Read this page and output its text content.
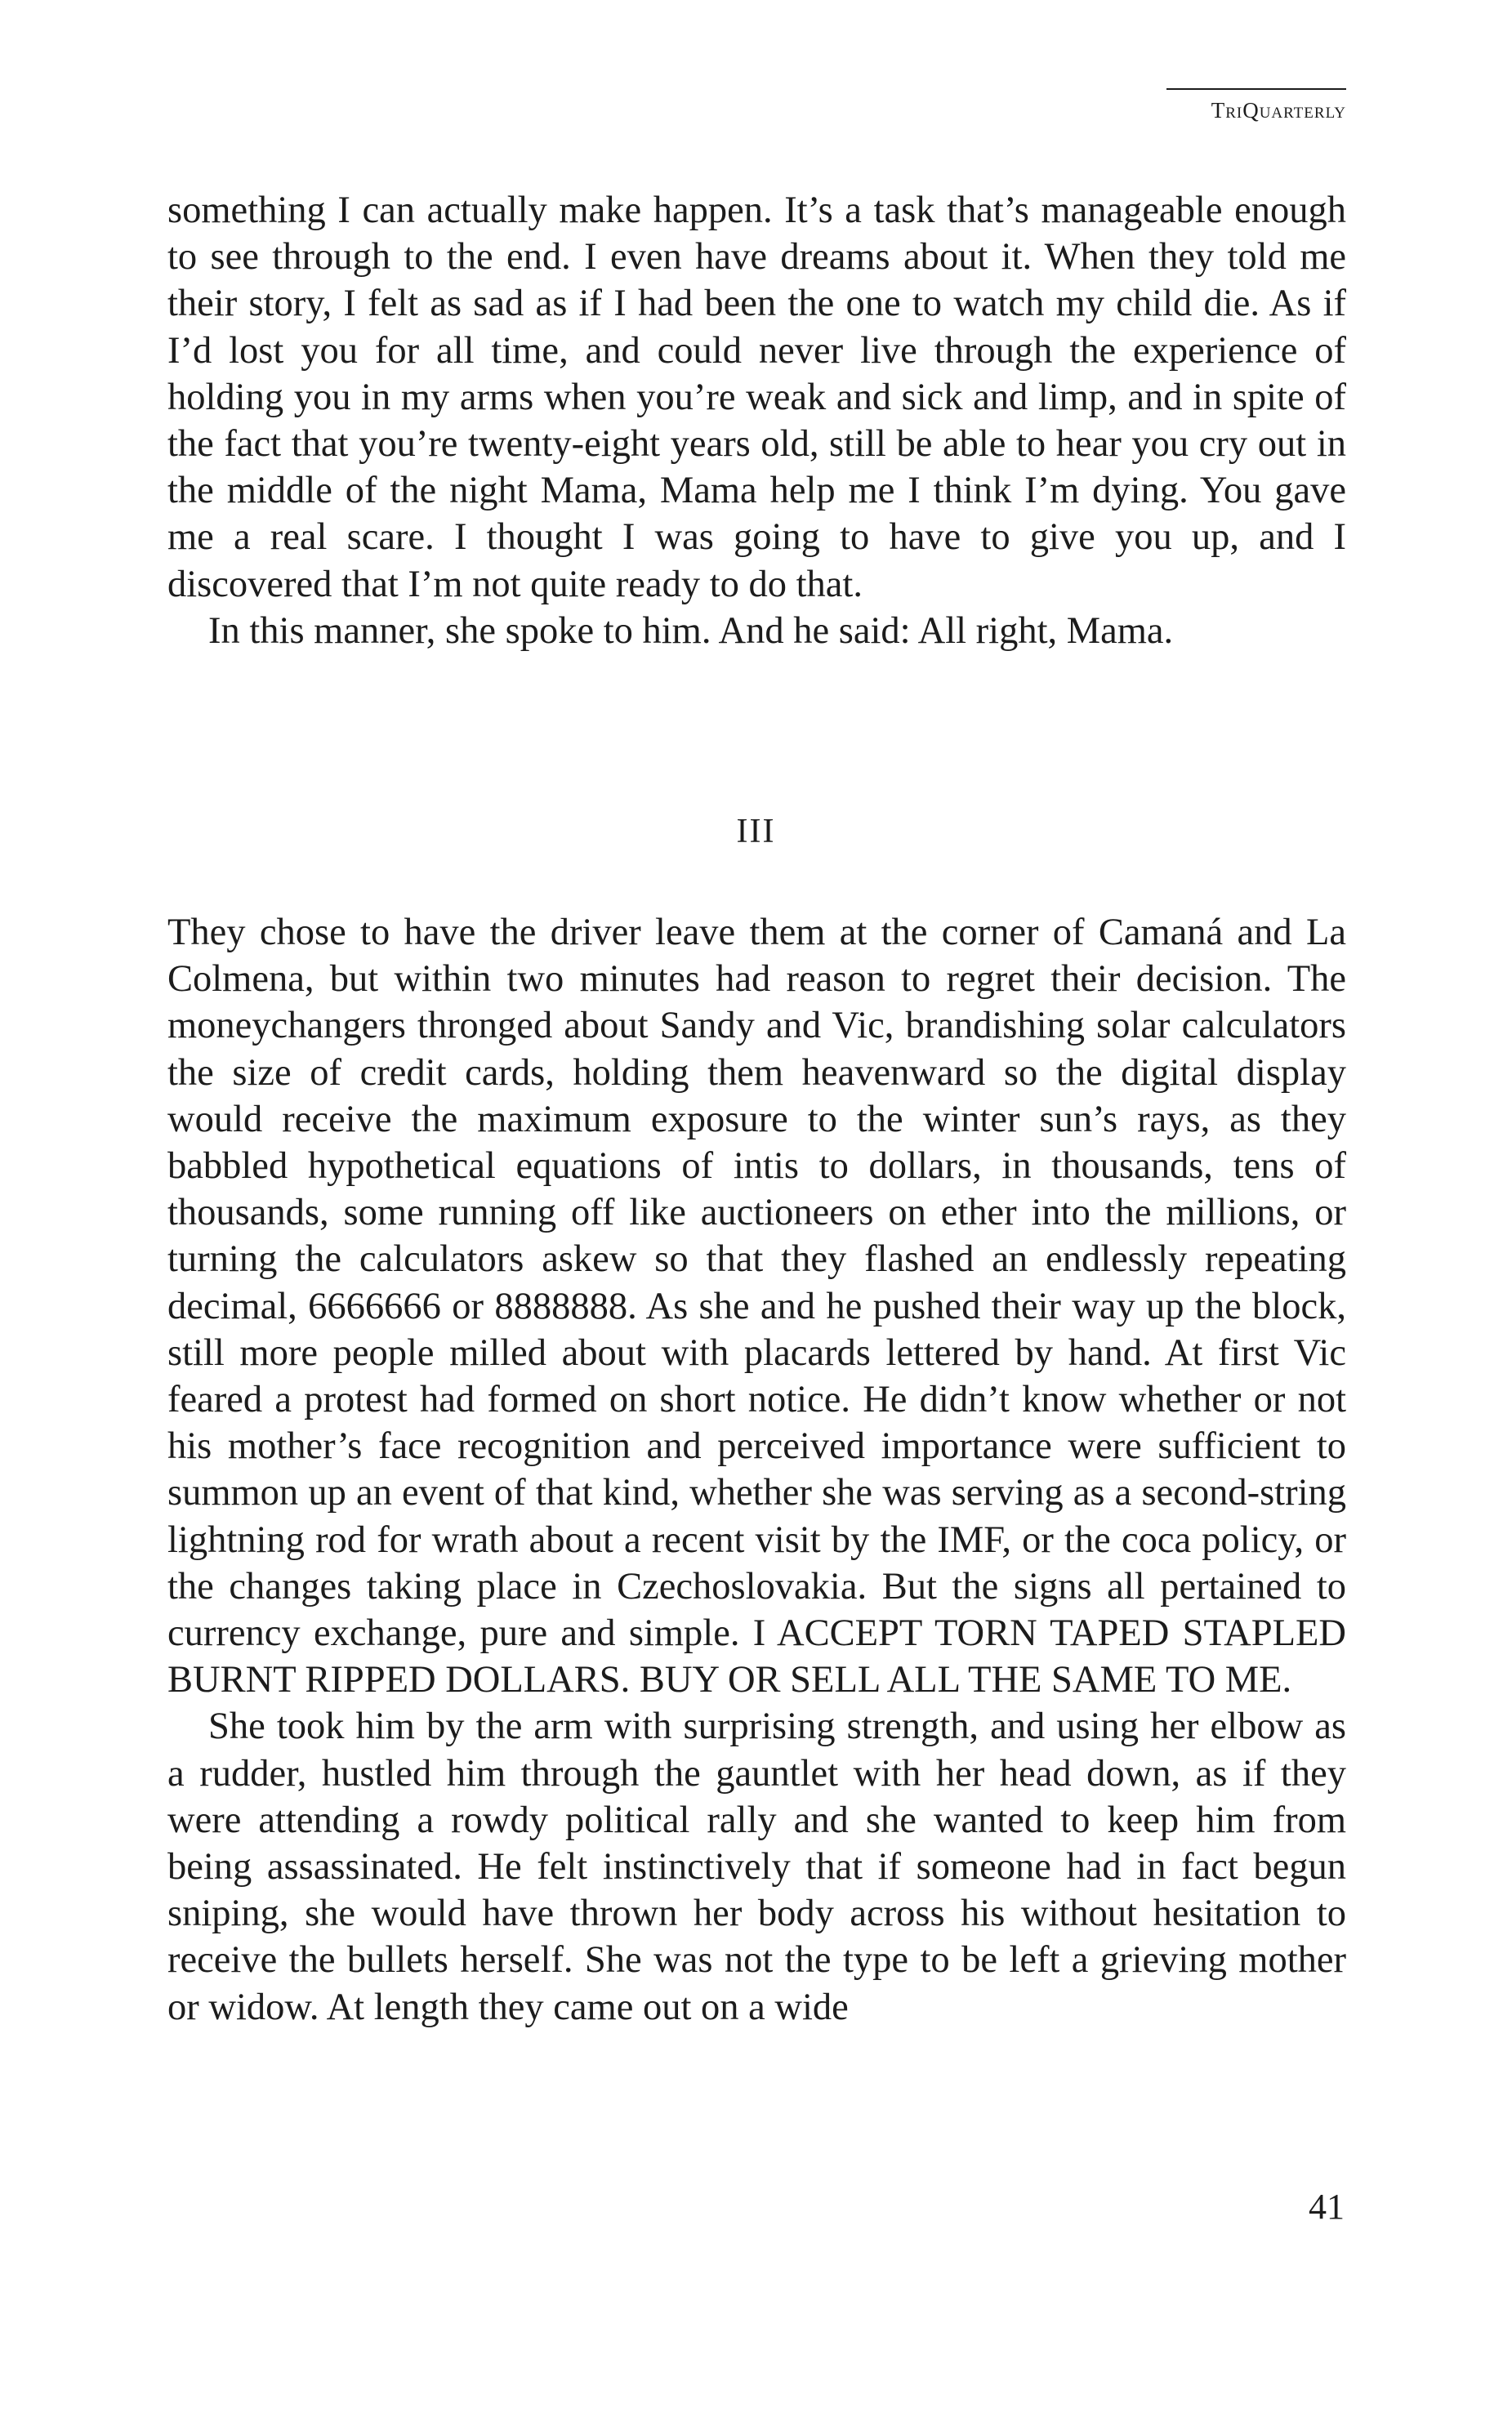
TriQuarterly

something I can actually make happen. It’s a task that’s manageable enough to see through to the end. I even have dreams about it. When they told me their story, I felt as sad as if I had been the one to watch my child die. As if I’d lost you for all time, and could never live through the experience of holding you in my arms when you’re weak and sick and limp, and in spite of the fact that you’re twenty-eight years old, still be able to hear you cry out in the middle of the night Mama, Mama help me I think I’m dying. You gave me a real scare. I thought I was going to have to give you up, and I discovered that I’m not quite ready to do that.

In this manner, she spoke to him. And he said: All right, Mama.

III

They chose to have the driver leave them at the corner of Camaná and La Colmena, but within two minutes had reason to regret their decision. The moneychangers thronged about Sandy and Vic, brandishing solar calculators the size of credit cards, holding them heavenward so the digital display would receive the maximum exposure to the winter sun’s rays, as they babbled hypothetical equations of intis to dollars, in thousands, tens of thousands, some running off like auctioneers on ether into the millions, or turning the calculators askew so that they flashed an endlessly repeating decimal, 6666666 or 8888888. As she and he pushed their way up the block, still more people milled about with placards lettered by hand. At first Vic feared a protest had formed on short notice. He didn’t know whether or not his mother’s face recognition and perceived importance were sufficient to summon up an event of that kind, whether she was serving as a second-string lightning rod for wrath about a recent visit by the IMF, or the coca policy, or the changes taking place in Czechoslovakia. But the signs all pertained to currency exchange, pure and simple. I ACCEPT TORN TAPED STAPLED BURNT RIPPED DOLLARS. BUY OR SELL ALL THE SAME TO ME.

She took him by the arm with surprising strength, and using her elbow as a rudder, hustled him through the gauntlet with her head down, as if they were attending a rowdy political rally and she wanted to keep him from being assassinated. He felt instinctively that if someone had in fact begun sniping, she would have thrown her body across his without hesitation to receive the bullets herself. She was not the type to be left a grieving mother or widow. At length they came out on a wide

41
